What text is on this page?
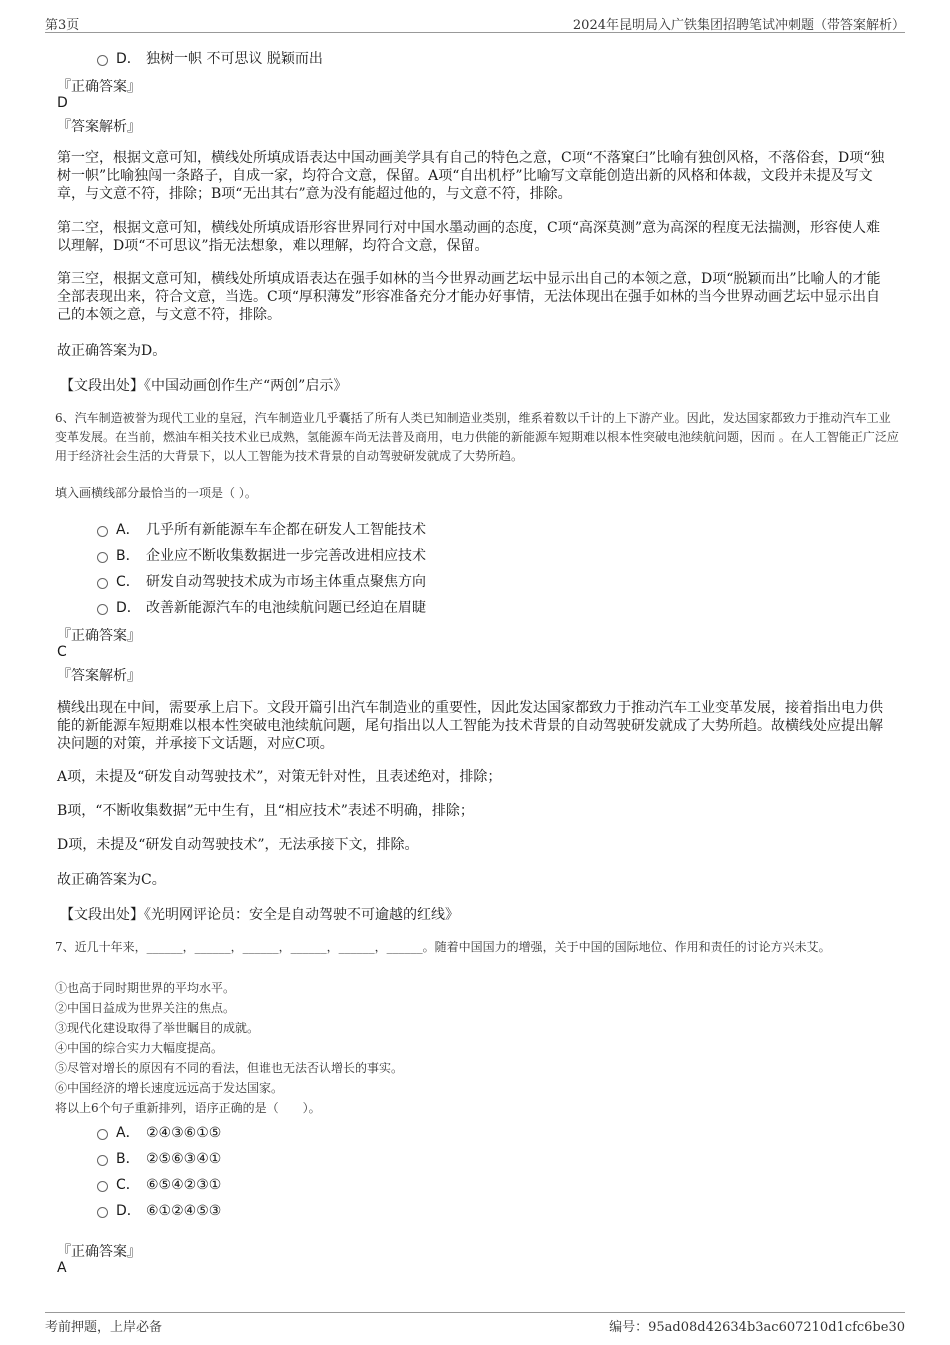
第3页	2024年昆明局入广铁集团招聘笔试冲刺题（带答案解析）
D． 独树一帜 不可思议 脱颖而出
『正确答案』
D
『答案解析』
第一空，根据文意可知，横线处所填成语表达中国动画美学具有自己的特色之意，C项“不落窠臼”比喻有独创风格，不落俗套，D项“独树一帜”比喻独闯一条路子，自成一家，均符合文意，保留。A项“自出机杼”比喻写文章能创造出新的风格和体裁，文段并未提及写文章，与文意不符，排除；B项“无出其右”意为没有能超过他的，与文意不符，排除。
第二空，根据文意可知，横线处所填成语形容世界同行对中国水墨动画的态度，C项“高深莫测”意为高深的程度无法揣测，形容使人难以理解，D项“不可思议”指无法想象，难以理解，均符合文意，保留。
第三空，根据文意可知，横线处所填成语表达在强手如林的当今世界动画艺坛中显示出自己的本领之意，D项“脱颖而出”比喻人的才能全部表现出来，符合文意，当选。C项“厚积薄发”形容准备充分才能办好事情，无法体现出在强手如林的当今世界动画艺坛中显示出自己的本领之意，与文意不符，排除。
故正确答案为D。
【文段出处】《中国动画创作生产“两创”启示》
6、汽车制造被誉为现代工业的皇冠，汽车制造业几乎囊括了所有人类已知制造业类别，维系着数以千计的上下游产业。因此，发达国家都致力于推动汽车工业变革发展。在当前，燃油车相关技术业已成熟，氢能源车尚无法普及商用，电力供能的新能源车短期难以根本性突破电池续航问题，因而 。在人工智能正广泛应用于经济社会生活的大背景下，以人工智能为技术背景的自动驾驶研发就成了大势所趋。
填入画横线部分最恰当的一项是（ ）。
A． 几乎所有新能源车车企都在研发人工智能技术
B． 企业应不断收集数据进一步完善改进相应技术
C． 研发自动驾驶技术成为市场主体重点聚焦方向
D． 改善新能源汽车的电池续航问题已经迫在眉睫
『正确答案』
C
『答案解析』
横线出现在中间，需要承上启下。文段开篇引出汽车制造业的重要性，因此发达国家都致力于推动汽车工业变革发展，接着指出电力供能的新能源车短期难以根本性突破电池续航问题，尾句指出以人工智能为技术背景的自动驾驶研发就成了大势所趋。故横线处应提出解决问题的对策，并承接下文话题，对应C项。
A项，未提及“研发自动驾驶技术”，对策无针对性，且表述绝对，排除；
B项，“不断收集数据”无中生有，且“相应技术”表述不明确，排除；
D项，未提及“研发自动驾驶技术”，无法承接下文，排除。
故正确答案为C。
【文段出处】《光明网评论员：安全是自动驾驶不可逾越的红线》
7、近几十年来，______，______，______，______，______，______。随着中国国力的增强，关于中国的国际地位、作用和责任的讨论方兴未艾。
①也高于同时期世界的平均水平。
②中国日益成为世界关注的焦点。
③现代化建设取得了举世瞩目的成就。
④中国的综合实力大幅度提高。
⑤尽管对增长的原因有不同的看法，但谁也无法否认增长的事实。
⑥中国经济的增长速度远远高于发达国家。
将以上6个句子重新排列，语序正确的是（　　）。
A． ②④③⑥①⑤
B． ②⑤⑥③④①
C． ⑥⑤④②③①
D． ⑥①②④⑤③
『正确答案』
A
考前押题，上岸必备	编号：95ad08d42634b3ac607210d1cfc6be30
